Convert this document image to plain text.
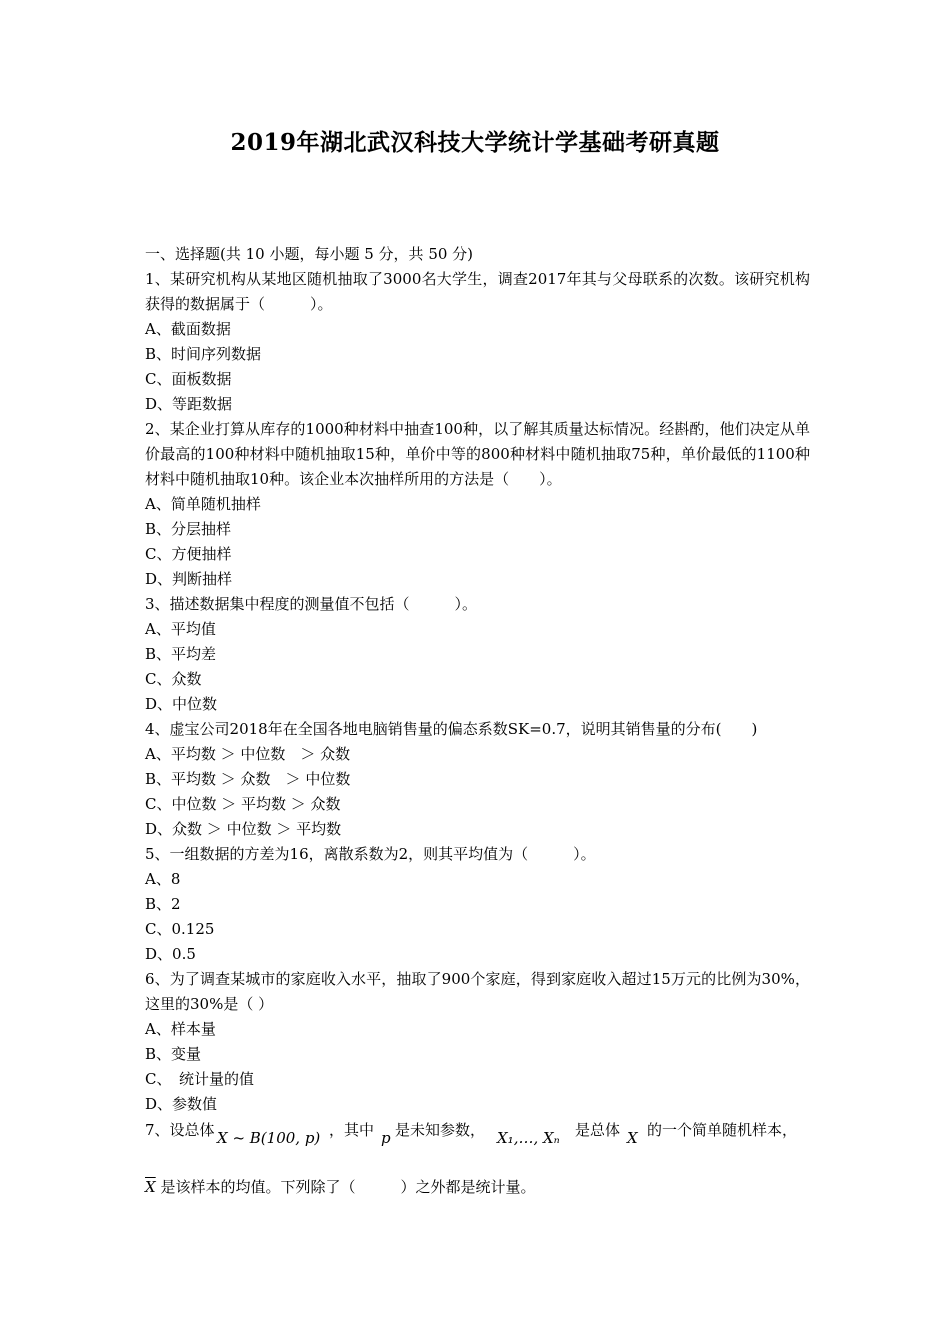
2019年湖北武汉科技大学统计学基础考研真题
一、选择题(共 10 小题，每小题 5 分，共 50 分)
1、某研究机构从某地区随机抽取了3000名大学生，调查2017年其与父母联系的次数。该研究机构获得的数据属于（　　　）。
A、截面数据
B、时间序列数据
C、面板数据
D、等距数据
2、某企业打算从库存的1000种材料中抽查100种，以了解其质量达标情况。经斟酌，他们决定从单价最高的100种材料中随机抽取15种，单价中等的800种材料中随机抽取75种，单价最低的1100种材料中随机抽取10种。该企业本次抽样所用的方法是（　　）。
A、简单随机抽样
B、分层抽样
C、方便抽样
D、判断抽样
3、描述数据集中程度的测量值不包括（　　　）。
A、平均值
B、平均差
C、众数
D、中位数
4、虚宝公司2018年在全国各地电脑销售量的偏态系数SK=0.7，说明其销售量的分布(　　)
A、平均数 ＞ 中位数　＞ 众数
B、平均数 ＞ 众数　＞ 中位数
C、中位数 ＞ 平均数 ＞ 众数
D、众数 ＞ 中位数 ＞ 平均数
5、一组数据的方差为16，离散系数为2，则其平均值为（　　　）。
A、8
B、2
C、0.125
D、0.5
6、为了调查某城市的家庭收入水平，抽取了900个家庭，得到家庭收入超过15万元的比例为30%，这里的30%是（ ）
A、样本量
B、变量
C、　统计量的值
D、参数值
7、设总体 X ~ B(100, p) ，其中 p 是未知参数， X₁,…, Xₙ 是总体 X 的一个简单随机样本，
$\overline{X}$ 是该样本的均值。下列除了（　　　）之外都是统计量。
